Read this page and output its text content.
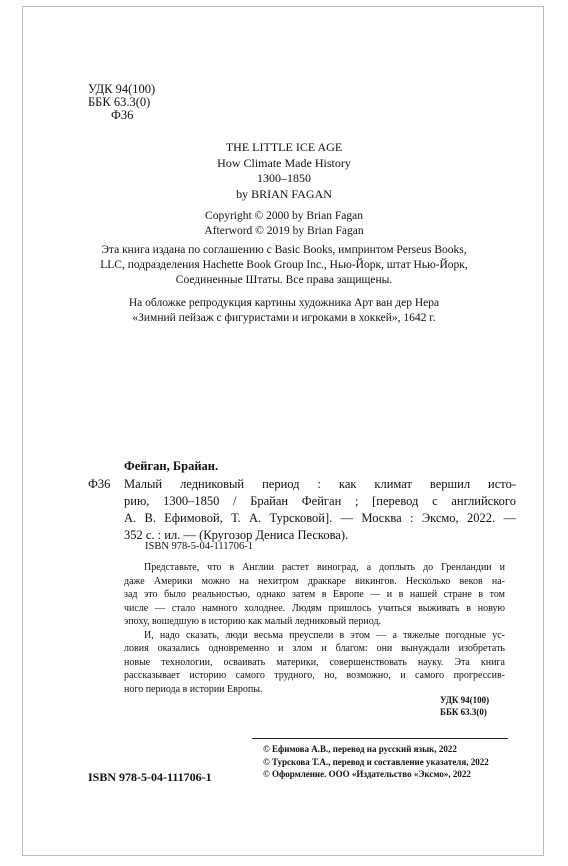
УДК 94(100)
ББК 63.3(0)
Ф36
THE LITTLE ICE AGE
How Climate Made History
1300–1850
by BRIAN FAGAN
Copyright © 2000 by Brian Fagan
Afterword © 2019 by Brian Fagan
Эта книга издана по соглашению с Basic Books, импринтом Perseus Books,
LLC, подразделения Hachette Book Group Inc., Нью-Йорк, штат Нью-Йорк,
Соединенные Штаты. Все права защищены.
На обложке репродукция картины художника Арт ван дер Нера
«Зимний пейзаж с фигуристами и игроками в хоккей», 1642 г.
Фейган, Брайан.
Ф36 Малый ледниковый период : как климат вершил исто-
рию, 1300–1850 / Брайан Фейган ; [перевод с английского
А. В. Ефимовой, Т. А. Турсковой]. — Москва : Эксмо, 2022. —
352 с. : ил. — (Кругозор Дениса Пескова).
ISBN 978-5-04-111706-1
Представьте, что в Англии растет виноград, а доплыть до Гренландии и
даже Америки можно на нехитром драккаре викингов. Несколько веков на-
зад это было реальностью, однако затем в Европе — и в нашей стране в том
числе — стало намного холоднее. Людям пришлось учиться выживать в новую
эпоху, вошедшую в историю как малый ледниковый период.
И, надо сказать, люди весьма преуспели в этом — а тяжелые погодные ус-
ловия оказались одновременно и злом и благом: они вынуждали изобретать
новые технологии, осваивать материки, совершенствовать науку. Эта книга
рассказывает историю самого трудного, но, возможно, и самого прогрессив-
ного периода в истории Европы.
УДК 94(100)
ББК 63.3(0)
© Ефимова А.В., перевод на русский язык, 2022
© Турскова Т.А., перевод и составление указателя, 2022
© Оформление. ООО «Издательство «Эксмо», 2022
ISBN 978-5-04-111706-1
